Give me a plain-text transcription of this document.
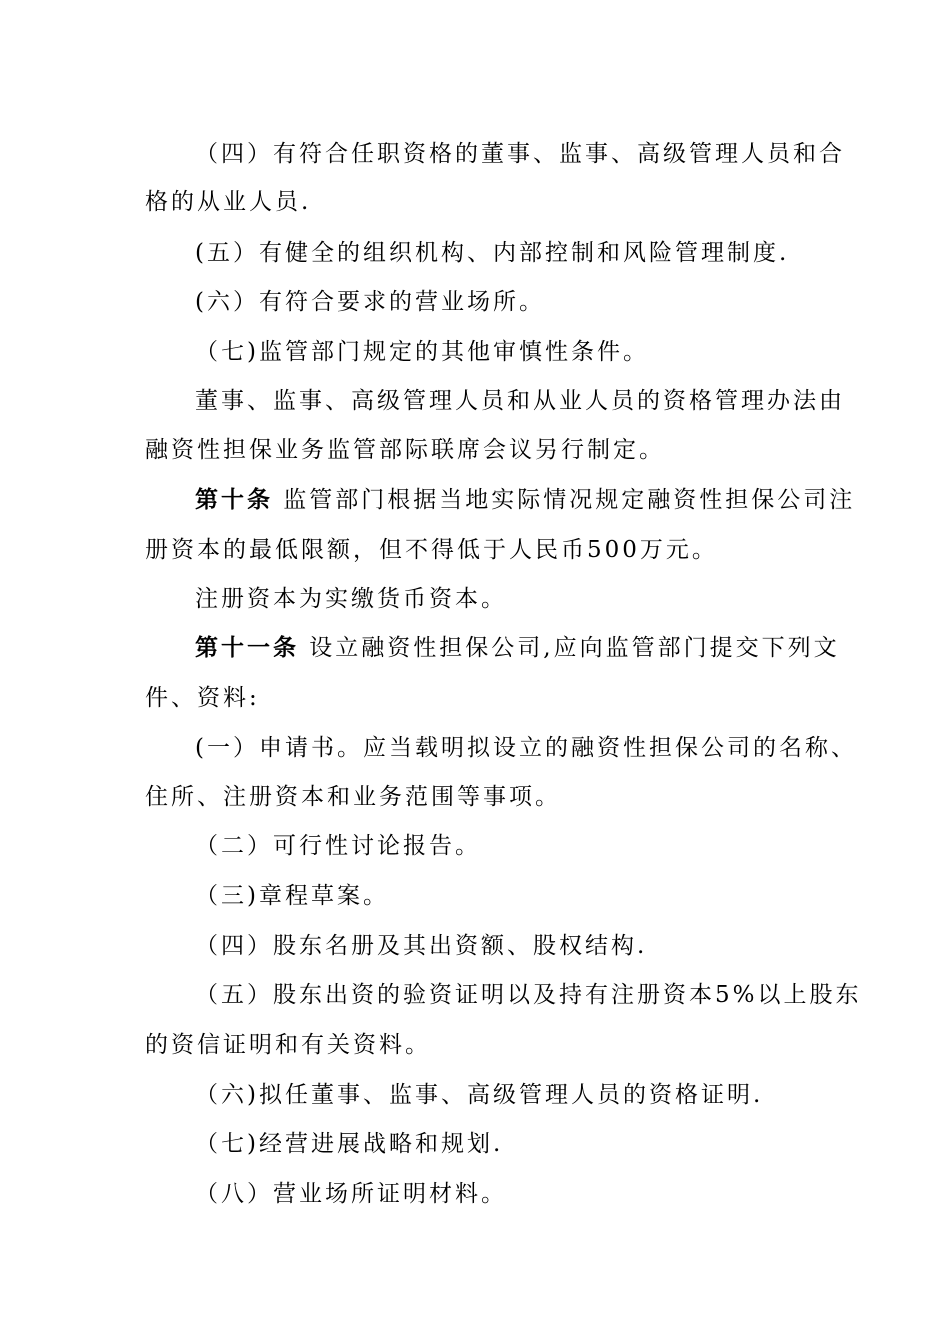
（四）有符合任职资格的董事、监事、高级管理人员和合
格的从业人员.
(五）有健全的组织机构、内部控制和风险管理制度.
(六）有符合要求的营业场所。
（七)监管部门规定的其他审慎性条件。
董事、监事、高级管理人员和从业人员的资格管理办法由
融资性担保业务监管部际联席会议另行制定。
第十条 监管部门根据当地实际情况规定融资性担保公司注
册资本的最低限额，但不得低于人民币500万元。
注册资本为实缴货币资本。
第十一条 设立融资性担保公司,应向监管部门提交下列文
件、资料:
(一）申请书。应当载明拟设立的融资性担保公司的名称、
住所、注册资本和业务范围等事项。
（二）可行性讨论报告。
（三)章程草案。
（四）股东名册及其出资额、股权结构.
（五）股东出资的验资证明以及持有注册资本5%以上股东
的资信证明和有关资料。
（六)拟任董事、监事、高级管理人员的资格证明.
（七)经营进展战略和规划.
（八）营业场所证明材料。
